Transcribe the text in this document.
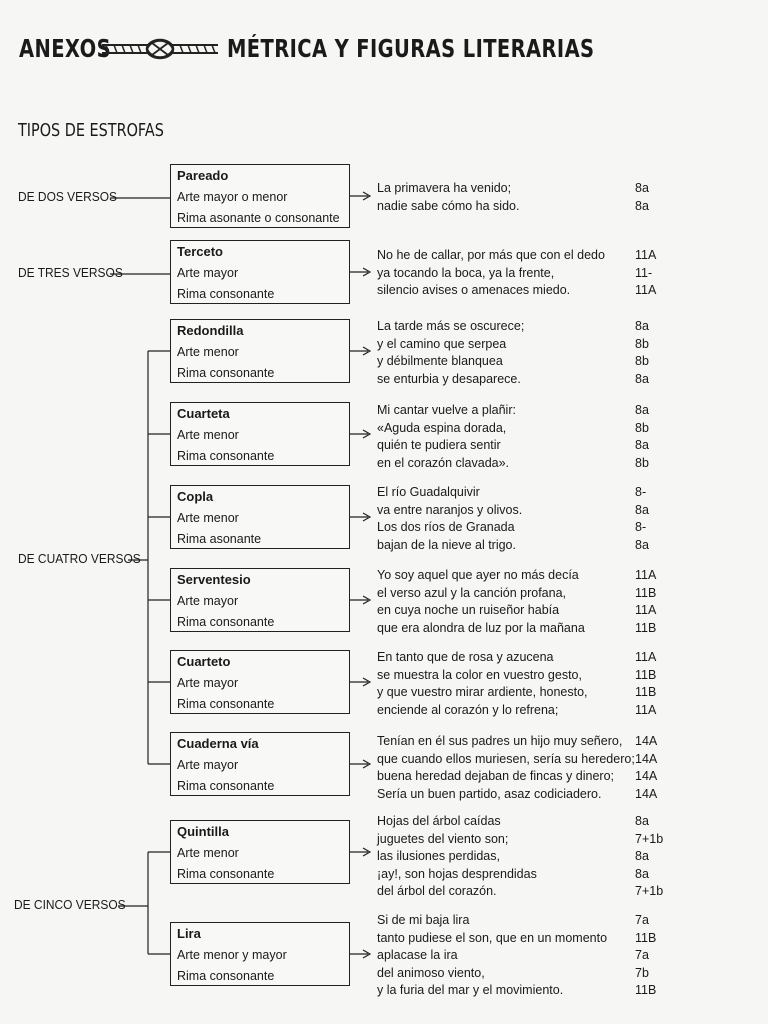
ANEXOS	MÉTRICA Y FIGURAS LITERARIAS
TIPOS DE ESTROFAS
Pareado
Arte mayor o menor
Rima asonante o consonante
La primavera ha venido;	8a
nadie sabe cómo ha sido.	8a
Terceto
Arte mayor
Rima consonante
No he de callar, por más que con el dedo	11A
ya tocando la boca, ya la frente,	11-
silencio avises o amenaces miedo.	11A
Redondilla
Arte menor
Rima consonante
La tarde más se oscurece;	8a
y el camino que serpea	8b
y débilmente blanquea	8b
se enturbia y desaparece.	8a
Cuarteta
Arte menor
Rima consonante
Mi cantar vuelve a plañir:	8a
«Aguda espina dorada,	8b
quién te pudiera sentir	8a
en el corazón clavada».	8b
Copla
Arte menor
Rima asonante
El río Guadalquivir	8-
va entre naranjos y olivos.	8a
Los dos ríos de Granada	8-
bajan de la nieve al trigo.	8a
Serventesio
Arte mayor
Rima consonante
Yo soy aquel que ayer no más decía	11A
el verso azul y la canción profana,	11B
en cuya noche un ruiseñor había	11A
que era alondra de luz por la mañana	11B
Cuarteto
Arte mayor
Rima consonante
En tanto que de rosa y azucena	11A
se muestra la color en vuestro gesto,	11B
y que vuestro mirar ardiente, honesto,	11B
enciende al corazón y lo refrena;	11A
Cuaderna vía
Arte mayor
Rima consonante
Tenían en él sus padres un hijo muy señero,	14A
que cuando ellos muriesen, sería su heredero; 14A
buena heredad dejaban de fincas y dinero;	14A
Sería un buen partido, asaz codiciadero.	14A
Quintilla
Arte menor
Rima consonante
Hojas del árbol caídas	8a
juguetes del viento son;	7+1b
las ilusiones perdidas,	8a
¡ay!, son hojas desprendidas	8a
del árbol del corazón.	7+1b
Lira
Arte menor y mayor
Rima consonante
Si de mi baja lira	7a
tanto pudiese el son, que en un momento	11B
aplacase la ira	7a
del animoso viento,	7b
y la furia del mar y el movimiento.	11B
DE DOS VERSOS
DE TRES VERSOS
DE CUATRO VERSOS
DE CINCO VERSOS
